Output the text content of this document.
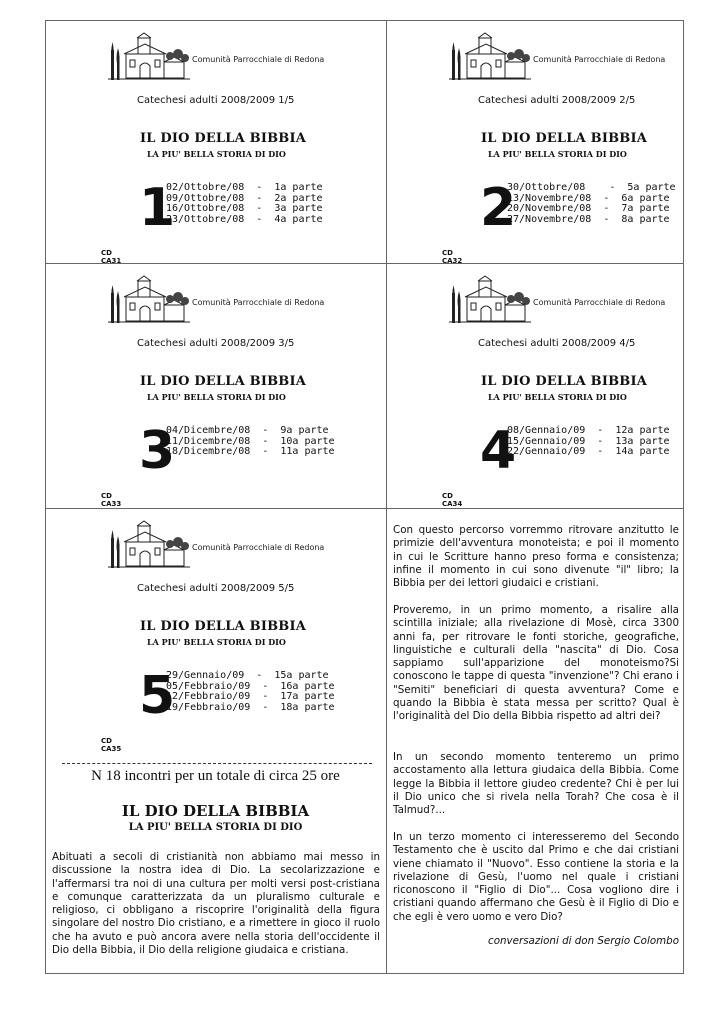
Comunità Parrocchiale di Redona
Catechesi adulti 2008/2009 1/5
IL DIO DELLA BIBBIA
LA PIU' BELLA STORIA DI DIO
1
02/Ottobre/08  -  1a parte
09/Ottobre/08  -  2a parte
16/Ottobre/08  -  3a parte
23/Ottobre/08  -  4a parte
CD CA31
Comunità Parrocchiale di Redona
Catechesi adulti 2008/2009 2/5
IL DIO DELLA BIBBIA
LA PIU' BELLA STORIA DI DIO
2
30/Ottobre/08    -  5a parte
13/Novembre/08  -  6a parte
20/Novembre/08  -  7a parte
27/Novembre/08  -  8a parte
CD CA32
Comunità Parrocchiale di Redona
Catechesi adulti 2008/2009 3/5
IL DIO DELLA BIBBIA
LA PIU' BELLA STORIA DI DIO
3
04/Dicembre/08  -  9a parte
11/Dicembre/08  -  10a parte
18/Dicembre/08  -  11a parte
CD CA33
Comunità Parrocchiale di Redona
Catechesi adulti 2008/2009 4/5
IL DIO DELLA BIBBIA
LA PIU' BELLA STORIA DI DIO
4
08/Gennaio/09  -  12a parte
15/Gennaio/09  -  13a parte
22/Gennaio/09  -  14a parte
CD CA34
Comunità Parrocchiale di Redona
Catechesi adulti 2008/2009 5/5
IL DIO DELLA BIBBIA
LA PIU' BELLA STORIA DI DIO
5
29/Gennaio/09  -  15a parte
05/Febbraio/09  -  16a parte
12/Febbraio/09  -  17a parte
19/Febbraio/09  -  18a parte
CD CA35
N 18 incontri per un totale di circa 25 ore
IL DIO DELLA BIBBIA
LA PIU' BELLA STORIA DI DIO

Abituati a secoli di cristianità non abbiamo mai messo in discussione la nostra idea di Dio. La secolarizzazione e l'affermarsi tra noi di una cultura per molti versi post-cristiana e comunque caratterizzata da un pluralismo culturale e religioso, ci obbligano a riscoprire l'originalità della figura singolare del nostro Dio cristiano, e a rimettere in gioco il ruolo che ha avuto e può ancora avere nella storia dell'occidente il Dio della Bibbia, il Dio della religione giudaica e cristiana.

Con questo percorso vorremmo ritrovare anzitutto le primizie dell'avventura monoteista; e poi il momento in cui le Scritture hanno preso forma e consistenza; infine il momento in cui sono divenute "il" libro; la Bibbia per dei lettori giudaici e cristiani.

Proveremo, in un primo momento, a risalire alla scintilla iniziale; alla rivelazione di Mosè, circa 3300 anni fa, per ritrovare le fonti storiche, geografiche, linguistiche e culturali della "nascita" di Dio. Cosa sappiamo sull'apparizione del monoteismo?Si conoscono le tappe di questa "invenzione"? Chi erano i "Semiti" beneficiari di questa avventura? Come e quando la Bibbia è stata messa per scritto? Qual è l'originalità del Dio della Bibbia rispetto ad altri dei?

In un secondo momento tenteremo un primo accostamento alla lettura giudaica della Bibbia. Come legge la Bibbia il lettore giudeo credente? Chi è per lui il Dio unico che si rivela nella Torah? Che cosa è il Talmud?...

In un terzo momento ci interesseremo del Secondo Testamento che è uscito dal Primo e che dai cristiani viene chiamato il "Nuovo". Esso contiene la storia e la rivelazione di Gesù, l'uomo nel quale i cristiani riconoscono il "Figlio di Dio"... Cosa vogliono dire i cristiani quando affermano che Gesù è il Figlio di Dio e che egli è vero uomo e vero Dio?

conversazioni di don Sergio Colombo
